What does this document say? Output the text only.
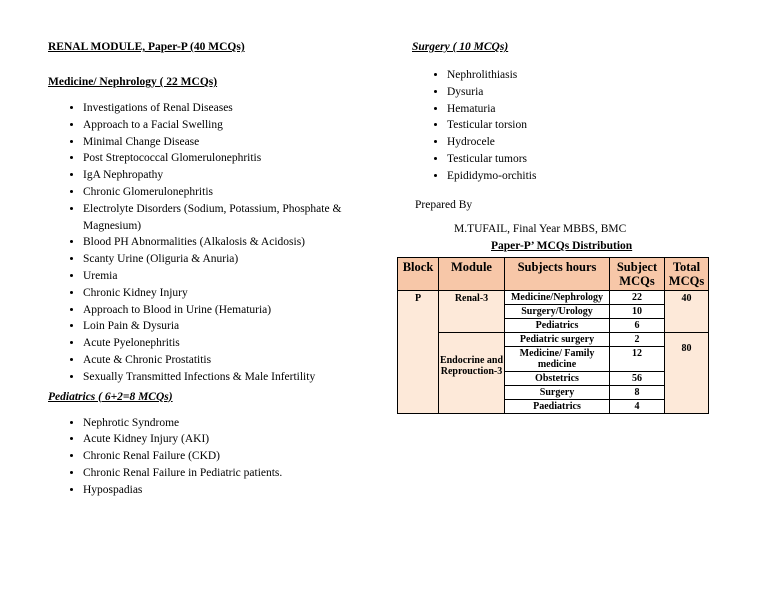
RENAL MODULE, Paper-P (40 MCQs)

Medicine/ Nephrology ( 22 MCQs)

• Investigations of Renal Diseases
• Approach to a Facial Swelling
• Minimal Change Disease
• Post Streptococcal Glomerulonephritis
• IgA Nephropathy
• Chronic Glomerulonephritis
• Electrolyte Disorders (Sodium, Potassium, Phosphate & Magnesium)
• Blood PH Abnormalities (Alkalosis & Acidosis)
• Scanty Urine (Oliguria & Anuria)
• Uremia
• Chronic Kidney Injury
• Approach to Blood in Urine (Hematuria)
• Loin Pain & Dysuria
• Acute Pyelonephritis
• Acute & Chronic Prostatitis
• Sexually Transmitted Infections & Male Infertility

Pediatrics ( 6+2=8 MCQs)

• Nephrotic Syndrome
• Acute Kidney Injury (AKI)
• Chronic Renal Failure (CKD)
• Chronic Renal Failure in Pediatric patients.
• Hypospadias

Surgery ( 10 MCQs)

• Nephrolithiasis
• Dysuria
• Hematuria
• Testicular torsion
• Hydrocele
• Testicular tumors
• Epididymo-orchitis
Prepared By
M.TUFAIL, Final Year MBBS, BMC
Paper-P’ MCQs Distribution
Block	Module	Subjects hours	Subject MCQs	Total MCQs
P	Renal-3	Medicine/Nephrology	22	40
		Surgery/Urology	10	
		Pediatrics	6	
	Endocrine and Reprouction-3	Pediatric surgery	2	80
		Medicine/ Family medicine	12	
		Obstetrics	56	
		Surgery	8	
		Paediatrics	4	
